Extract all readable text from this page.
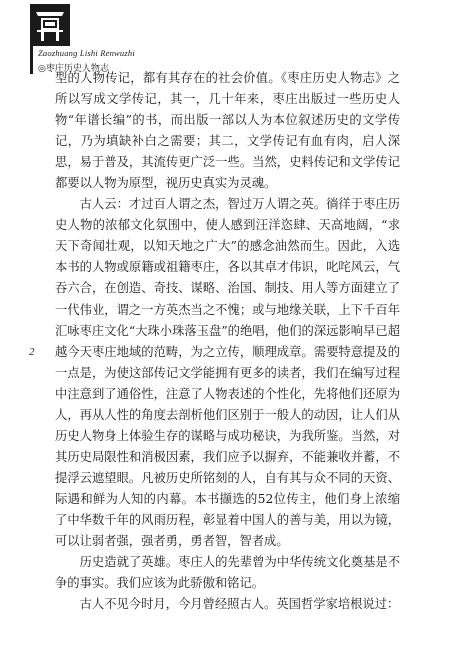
Zaozhuang Lishi Renwuzhi
◎枣庄历史人物志
2

型的人物传记，都有其存在的社会价值。《枣庄历史人物志》之所以写成文学传记，其一，几十年来，枣庄出版过一些历史人物“年谱长编”的书，而出版一部以人为本位叙述历史的文学传记，乃为填缺补白之需要；其二，文学传记有血有肉，启人深思，易于普及，其流传更广泛一些。当然，史料传记和文学传记都要以人物为原型，视历史真实为灵魂。

古人云：才过百人谓之杰，智过万人谓之英。徜徉于枣庄历史人物的浓郁文化氛围中，使人感到汪洋恣肆、天高地阔，“求天下奇闻壮观，以知天地之广大”的感念油然而生。因此，入选本书的人物或原籍或祖籍枣庄，各以其卓才伟识，叱咤风云，气吞六合，在创造、奇技、谋略、治国、制技、用人等方面建立了一代伟业，谓之一方英杰当之不愧；或与地缘关联，上下千百年汇咏枣庄文化“大珠小珠落玉盘”的绝唱，他们的深远影响早已超越今天枣庄地域的范畴，为之立传，顺理成章。需要特意提及的一点是，为使这部传记文学能拥有更多的读者，我们在编写过程中注意到了通俗性，注意了人物表述的个性化，先将他们还原为人，再从人性的角度去剖析他们区别于一般人的动因，让人们从历史人物身上体验生存的谋略与成功秘诀，为我所鉴。当然，对其历史局限性和消极因素，我们应予以摒弃，不能兼收并蓄，不提浮云遮望眼。凡被历史所铭刻的人，自有其与众不同的天资、际遇和鲜为人知的内幕。本书撷选的52位传主，他们身上浓缩了中华数千年的风雨历程，彰显着中国人的善与美，用以为镜，可以让弱者强，强者勇，勇者智，智者成。

历史造就了英雄。枣庄人的先辈曾为中华传统文化奠基是不争的事实。我们应该为此骄傲和铭记。

古人不见今时月，今月曾经照古人。英国哲学家培根说过：
